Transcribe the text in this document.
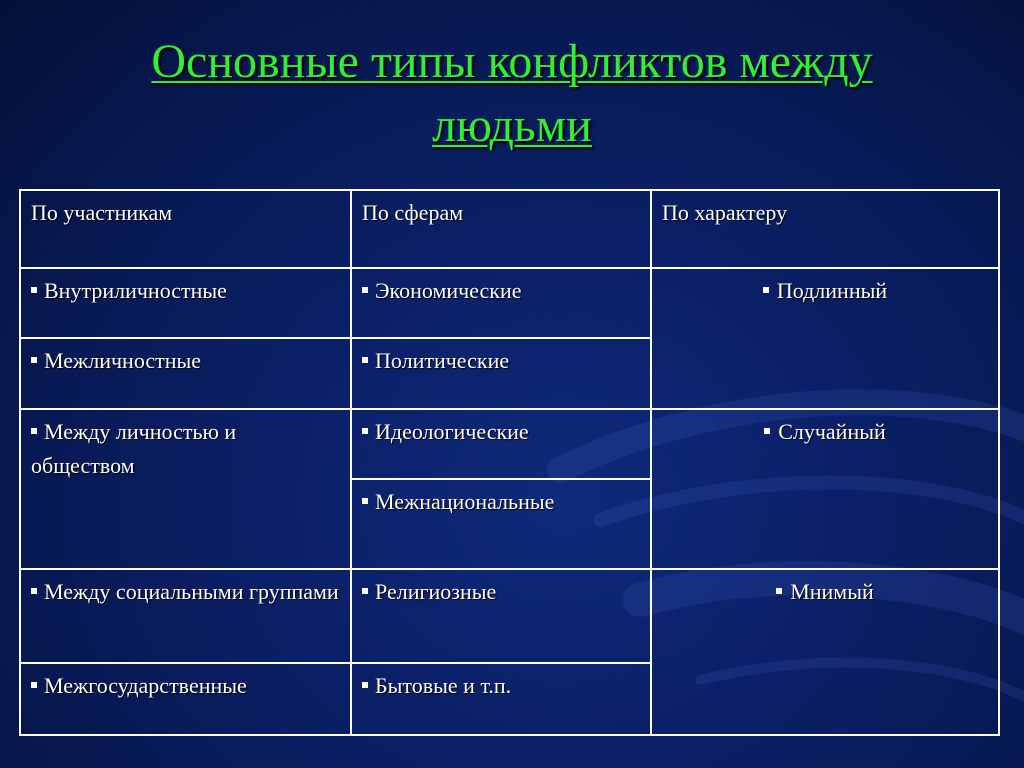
Основные типы конфликтов между
людьми
По участникам	По сферам	По характеру
Внутриличностные	Экономические	Подлинный
Межличностные	Политические	
Между личностью и обществом	Идеологические	Случайный
	Межнациональные	
Между социальными группами	Религиозные	Мнимый
Межгосударственные	Бытовые и т.п.	
